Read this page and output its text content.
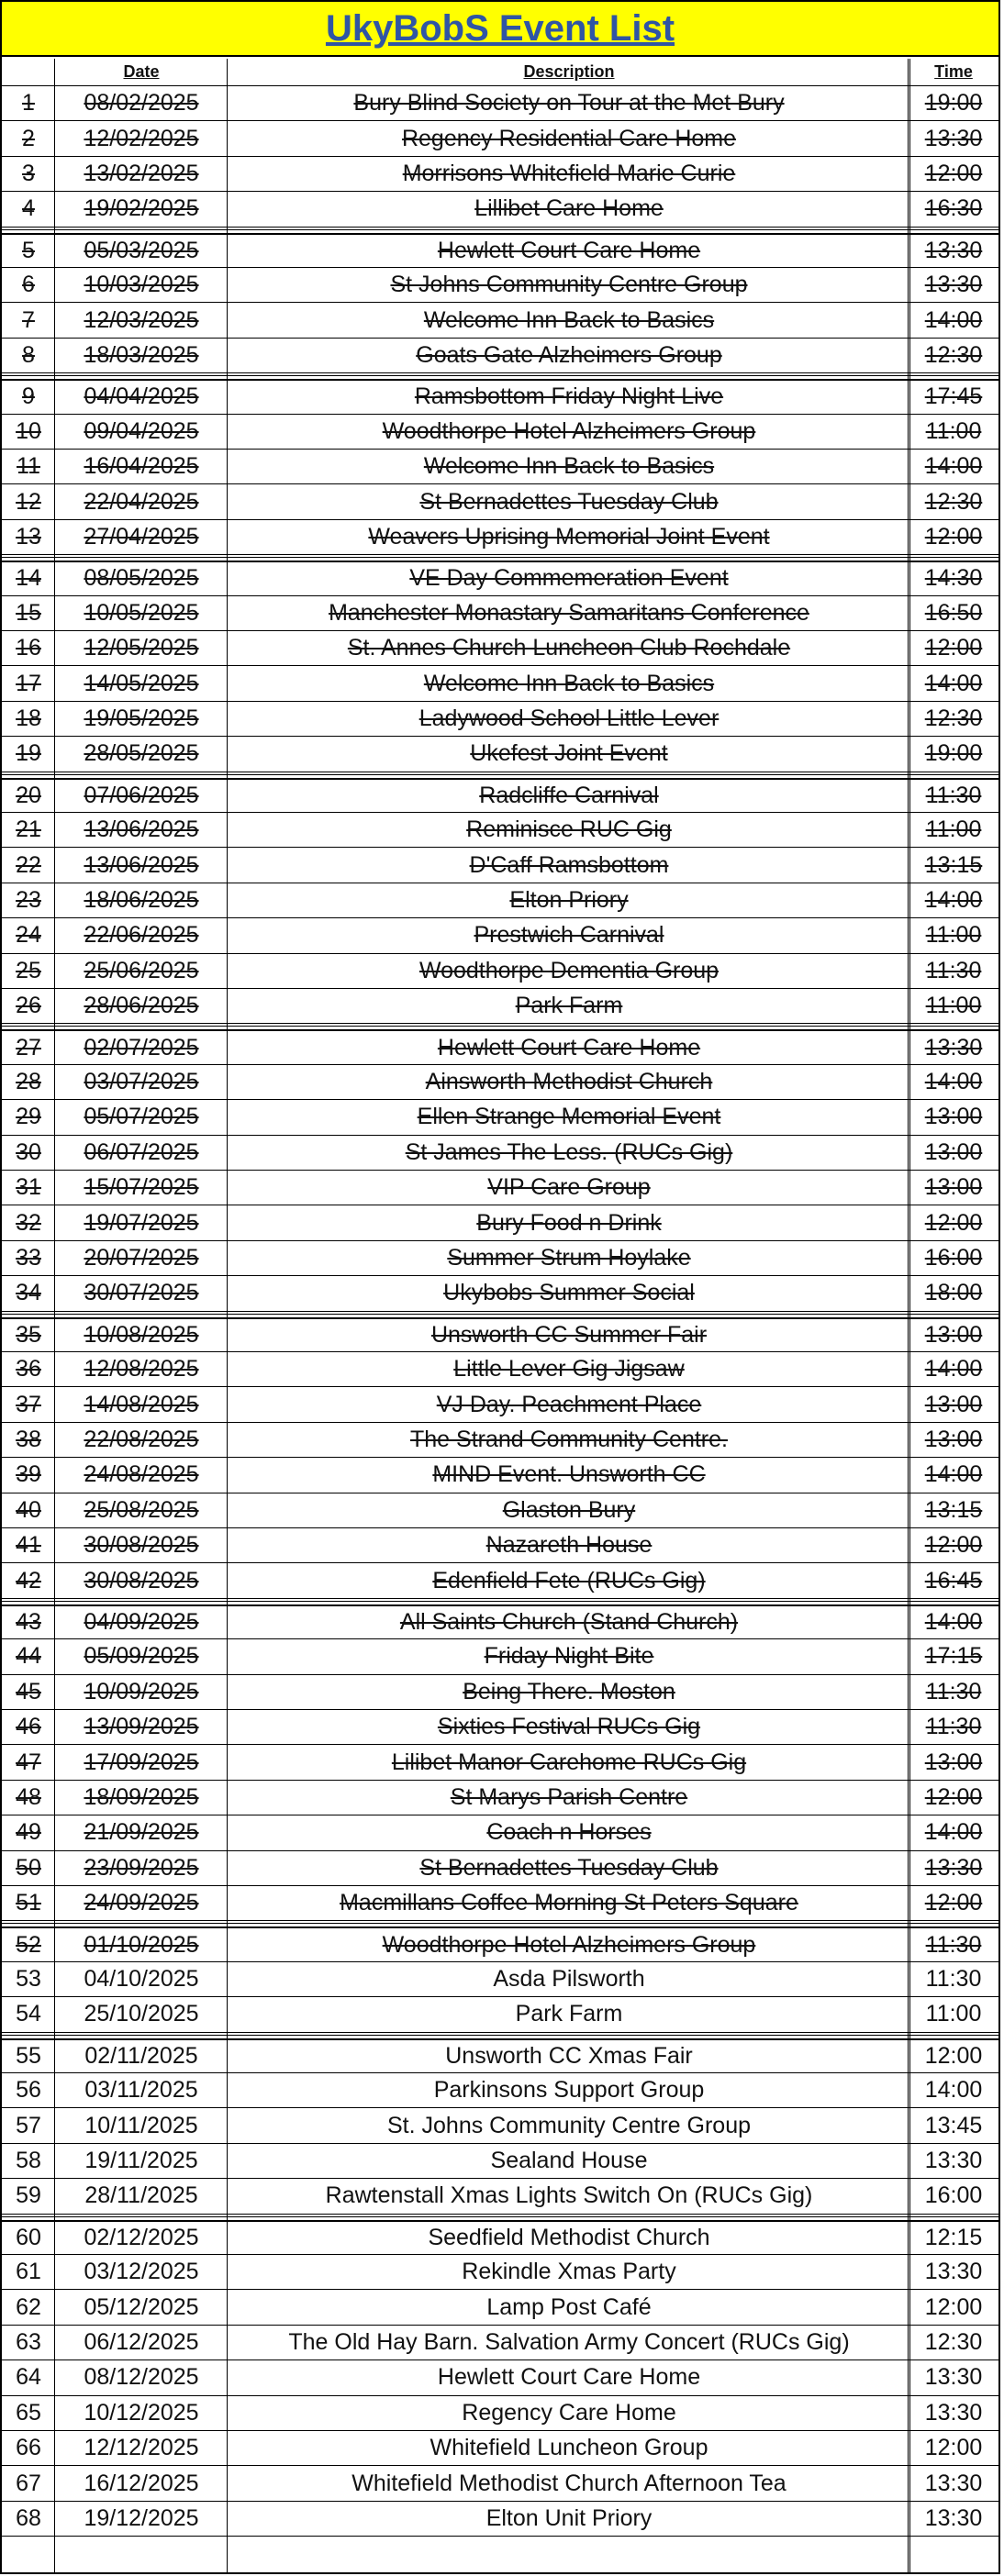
UkyBobS Event List
Date	Description	Time
1	08/02/2025	Bury Blind Society on Tour at the Met Bury	19:00
2	12/02/2025	Regency Residential Care Home	13:30
3	13/02/2025	Morrisons Whitefield Marie Curie	12:00
4	19/02/2025	Lillibet Care Home	16:30
5	05/03/2025	Hewlett Court Care Home	13:30
6	10/03/2025	St Johns Community Centre Group	13:30
7	12/03/2025	Welcome Inn Back to Basics	14:00
8	18/03/2025	Goats Gate Alzheimers Group	12:30
9	04/04/2025	Ramsbottom Friday Night Live	17:45
10	09/04/2025	Woodthorpe Hotel Alzheimers Group	11:00
11	16/04/2025	Welcome Inn Back to Basics	14:00
12	22/04/2025	St Bernadettes Tuesday Club	12:30
13	27/04/2025	Weavers Uprising Memorial Joint Event	12:00
14	08/05/2025	VE Day Commemeration Event	14:30
15	10/05/2025	Manchester Monastary Samaritans Conference	16:50
16	12/05/2025	St. Annes Church Luncheon Club Rochdale	12:00
17	14/05/2025	Welcome Inn Back to Basics	14:00
18	19/05/2025	Ladywood School Little Lever	12:30
19	28/05/2025	Ukefest Joint Event	19:00
20	07/06/2025	Radcliffe Carnival	11:30
21	13/06/2025	Reminisce RUC Gig	11:00
22	13/06/2025	D'Caff Ramsbottom	13:15
23	18/06/2025	Elton Priory	14:00
24	22/06/2025	Prestwich Carnival	11:00
25	25/06/2025	Woodthorpe Dementia Group	11:30
26	28/06/2025	Park Farm	11:00
27	02/07/2025	Hewlett Court Care Home	13:30
28	03/07/2025	Ainsworth Methodist Church	14:00
29	05/07/2025	Ellen Strange Memorial Event	13:00
30	06/07/2025	St James The Less. (RUCs Gig)	13:00
31	15/07/2025	VIP Care Group	13:00
32	19/07/2025	Bury Food n Drink	12:00
33	20/07/2025	Summer Strum Hoylake	16:00
34	30/07/2025	Ukybobs Summer Social	18:00
35	10/08/2025	Unsworth CC Summer Fair	13:00
36	12/08/2025	Little Lever Gig Jigsaw	14:00
37	14/08/2025	VJ Day. Peachment Place	13:00
38	22/08/2025	The Strand Community Centre.	13:00
39	24/08/2025	MIND Event. Unsworth CC	14:00
40	25/08/2025	Glaston Bury	13:15
41	30/08/2025	Nazareth House	12:00
42	30/08/2025	Edenfield Fete (RUCs Gig)	16:45
43	04/09/2025	All Saints Church (Stand Church)	14:00
44	05/09/2025	Friday Night Bite	17:15
45	10/09/2025	Being There. Moston	11:30
46	13/09/2025	Sixties Festival RUCs Gig	11:30
47	17/09/2025	Lilibet Manor Carehome RUCs Gig	13:00
48	18/09/2025	St Marys Parish Centre	12:00
49	21/09/2025	Coach n Horses	14:00
50	23/09/2025	St Bernadettes Tuesday Club	13:30
51	24/09/2025	Macmillans Coffee Morning St Peters Square	12:00
52	01/10/2025	Woodthorpe Hotel Alzheimers Group	11:30
53	04/10/2025	Asda Pilsworth	11:30
54	25/10/2025	Park Farm	11:00
55	02/11/2025	Unsworth CC Xmas Fair	12:00
56	03/11/2025	Parkinsons Support Group	14:00
57	10/11/2025	St. Johns Community Centre Group	13:45
58	19/11/2025	Sealand House	13:30
59	28/11/2025	Rawtenstall Xmas Lights Switch On (RUCs Gig)	16:00
60	02/12/2025	Seedfield Methodist Church	12:15
61	03/12/2025	Rekindle Xmas Party	13:30
62	05/12/2025	Lamp Post Café	12:00
63	06/12/2025	The Old Hay Barn. Salvation Army Concert (RUCs Gig)	12:30
64	08/12/2025	Hewlett Court Care Home	13:30
65	10/12/2025	Regency Care Home	13:30
66	12/12/2025	Whitefield Luncheon Group	12:00
67	16/12/2025	Whitefield Methodist Church Afternoon Tea	13:30
68	19/12/2025	Elton Unit Priory	13:30
